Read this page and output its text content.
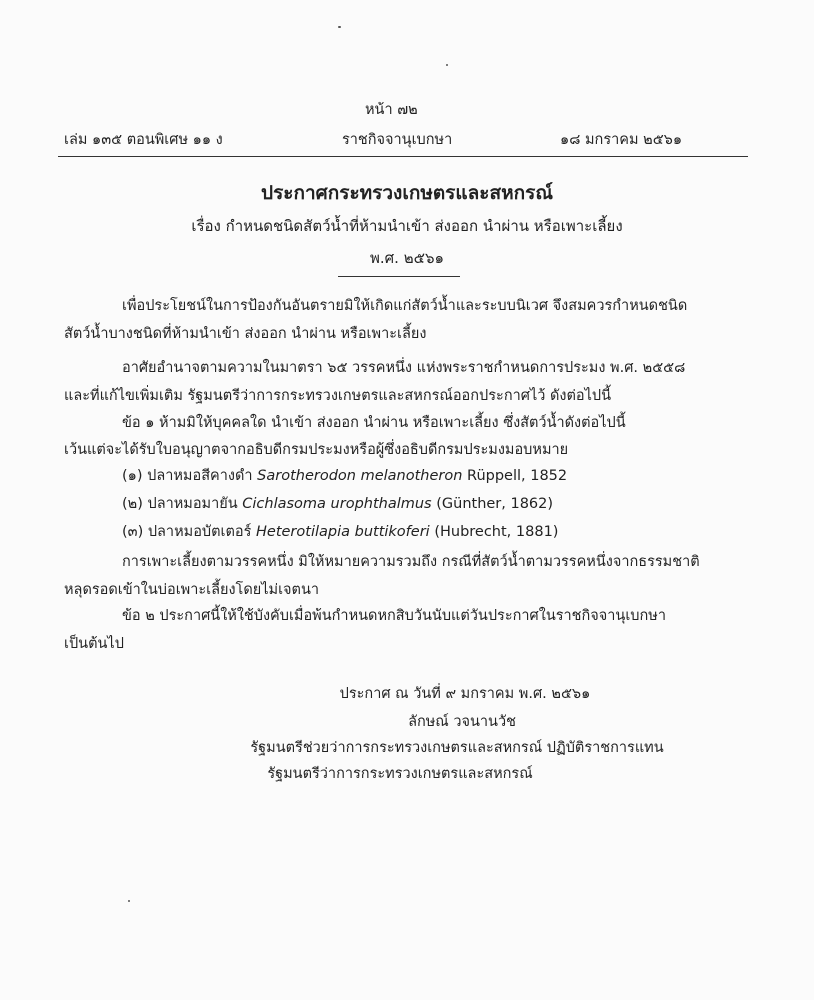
หน้า ๗๒
เล่ม ๑๓๕ ตอนพิเศษ ๑๑ ง	ราชกิจจานุเบกษา	๑๘ มกราคม ๒๕๖๑
ประกาศกระทรวงเกษตรและสหกรณ์
เรื่อง กำหนดชนิดสัตว์น้ำที่ห้ามนำเข้า ส่งออก นำผ่าน หรือเพาะเลี้ยง
พ.ศ. ๒๕๖๑
เพื่อประโยชน์ในการป้องกันอันตรายมิให้เกิดแก่สัตว์น้ำและระบบนิเวศ จึงสมควรกำหนดชนิด
สัตว์น้ำบางชนิดที่ห้ามนำเข้า ส่งออก นำผ่าน หรือเพาะเลี้ยง
อาศัยอำนาจตามความในมาตรา ๖๕ วรรคหนึ่ง แห่งพระราชกำหนดการประมง พ.ศ. ๒๕๕๘
และที่แก้ไขเพิ่มเติม รัฐมนตรีว่าการกระทรวงเกษตรและสหกรณ์ออกประกาศไว้ ดังต่อไปนี้
ข้อ ๑ ห้ามมิให้บุคคลใด นำเข้า ส่งออก นำผ่าน หรือเพาะเลี้ยง ซึ่งสัตว์น้ำดังต่อไปนี้
เว้นแต่จะได้รับใบอนุญาตจากอธิบดีกรมประมงหรือผู้ซึ่งอธิบดีกรมประมงมอบหมาย
(๑) ปลาหมอสีคางดำ Sarotherodon melanotheron Rüppell, 1852
(๒) ปลาหมอมายัน Cichlasoma urophthalmus (Günther, 1862)
(๓) ปลาหมอบัตเตอร์ Heterotilapia buttikoferi (Hubrecht, 1881)
การเพาะเลี้ยงตามวรรคหนึ่ง มิให้หมายความรวมถึง กรณีที่สัตว์น้ำตามวรรคหนึ่งจากธรรมชาติ
หลุดรอดเข้าในบ่อเพาะเลี้ยงโดยไม่เจตนา
ข้อ ๒ ประกาศนี้ให้ใช้บังคับเมื่อพ้นกำหนดหกสิบวันนับแต่วันประกาศในราชกิจจานุเบกษา
เป็นต้นไป
ประกาศ ณ วันที่ ๙ มกราคม พ.ศ. ๒๕๖๑
ลักษณ์ วจนานวัช
รัฐมนตรีช่วยว่าการกระทรวงเกษตรและสหกรณ์ ปฏิบัติราชการแทน
รัฐมนตรีว่าการกระทรวงเกษตรและสหกรณ์
